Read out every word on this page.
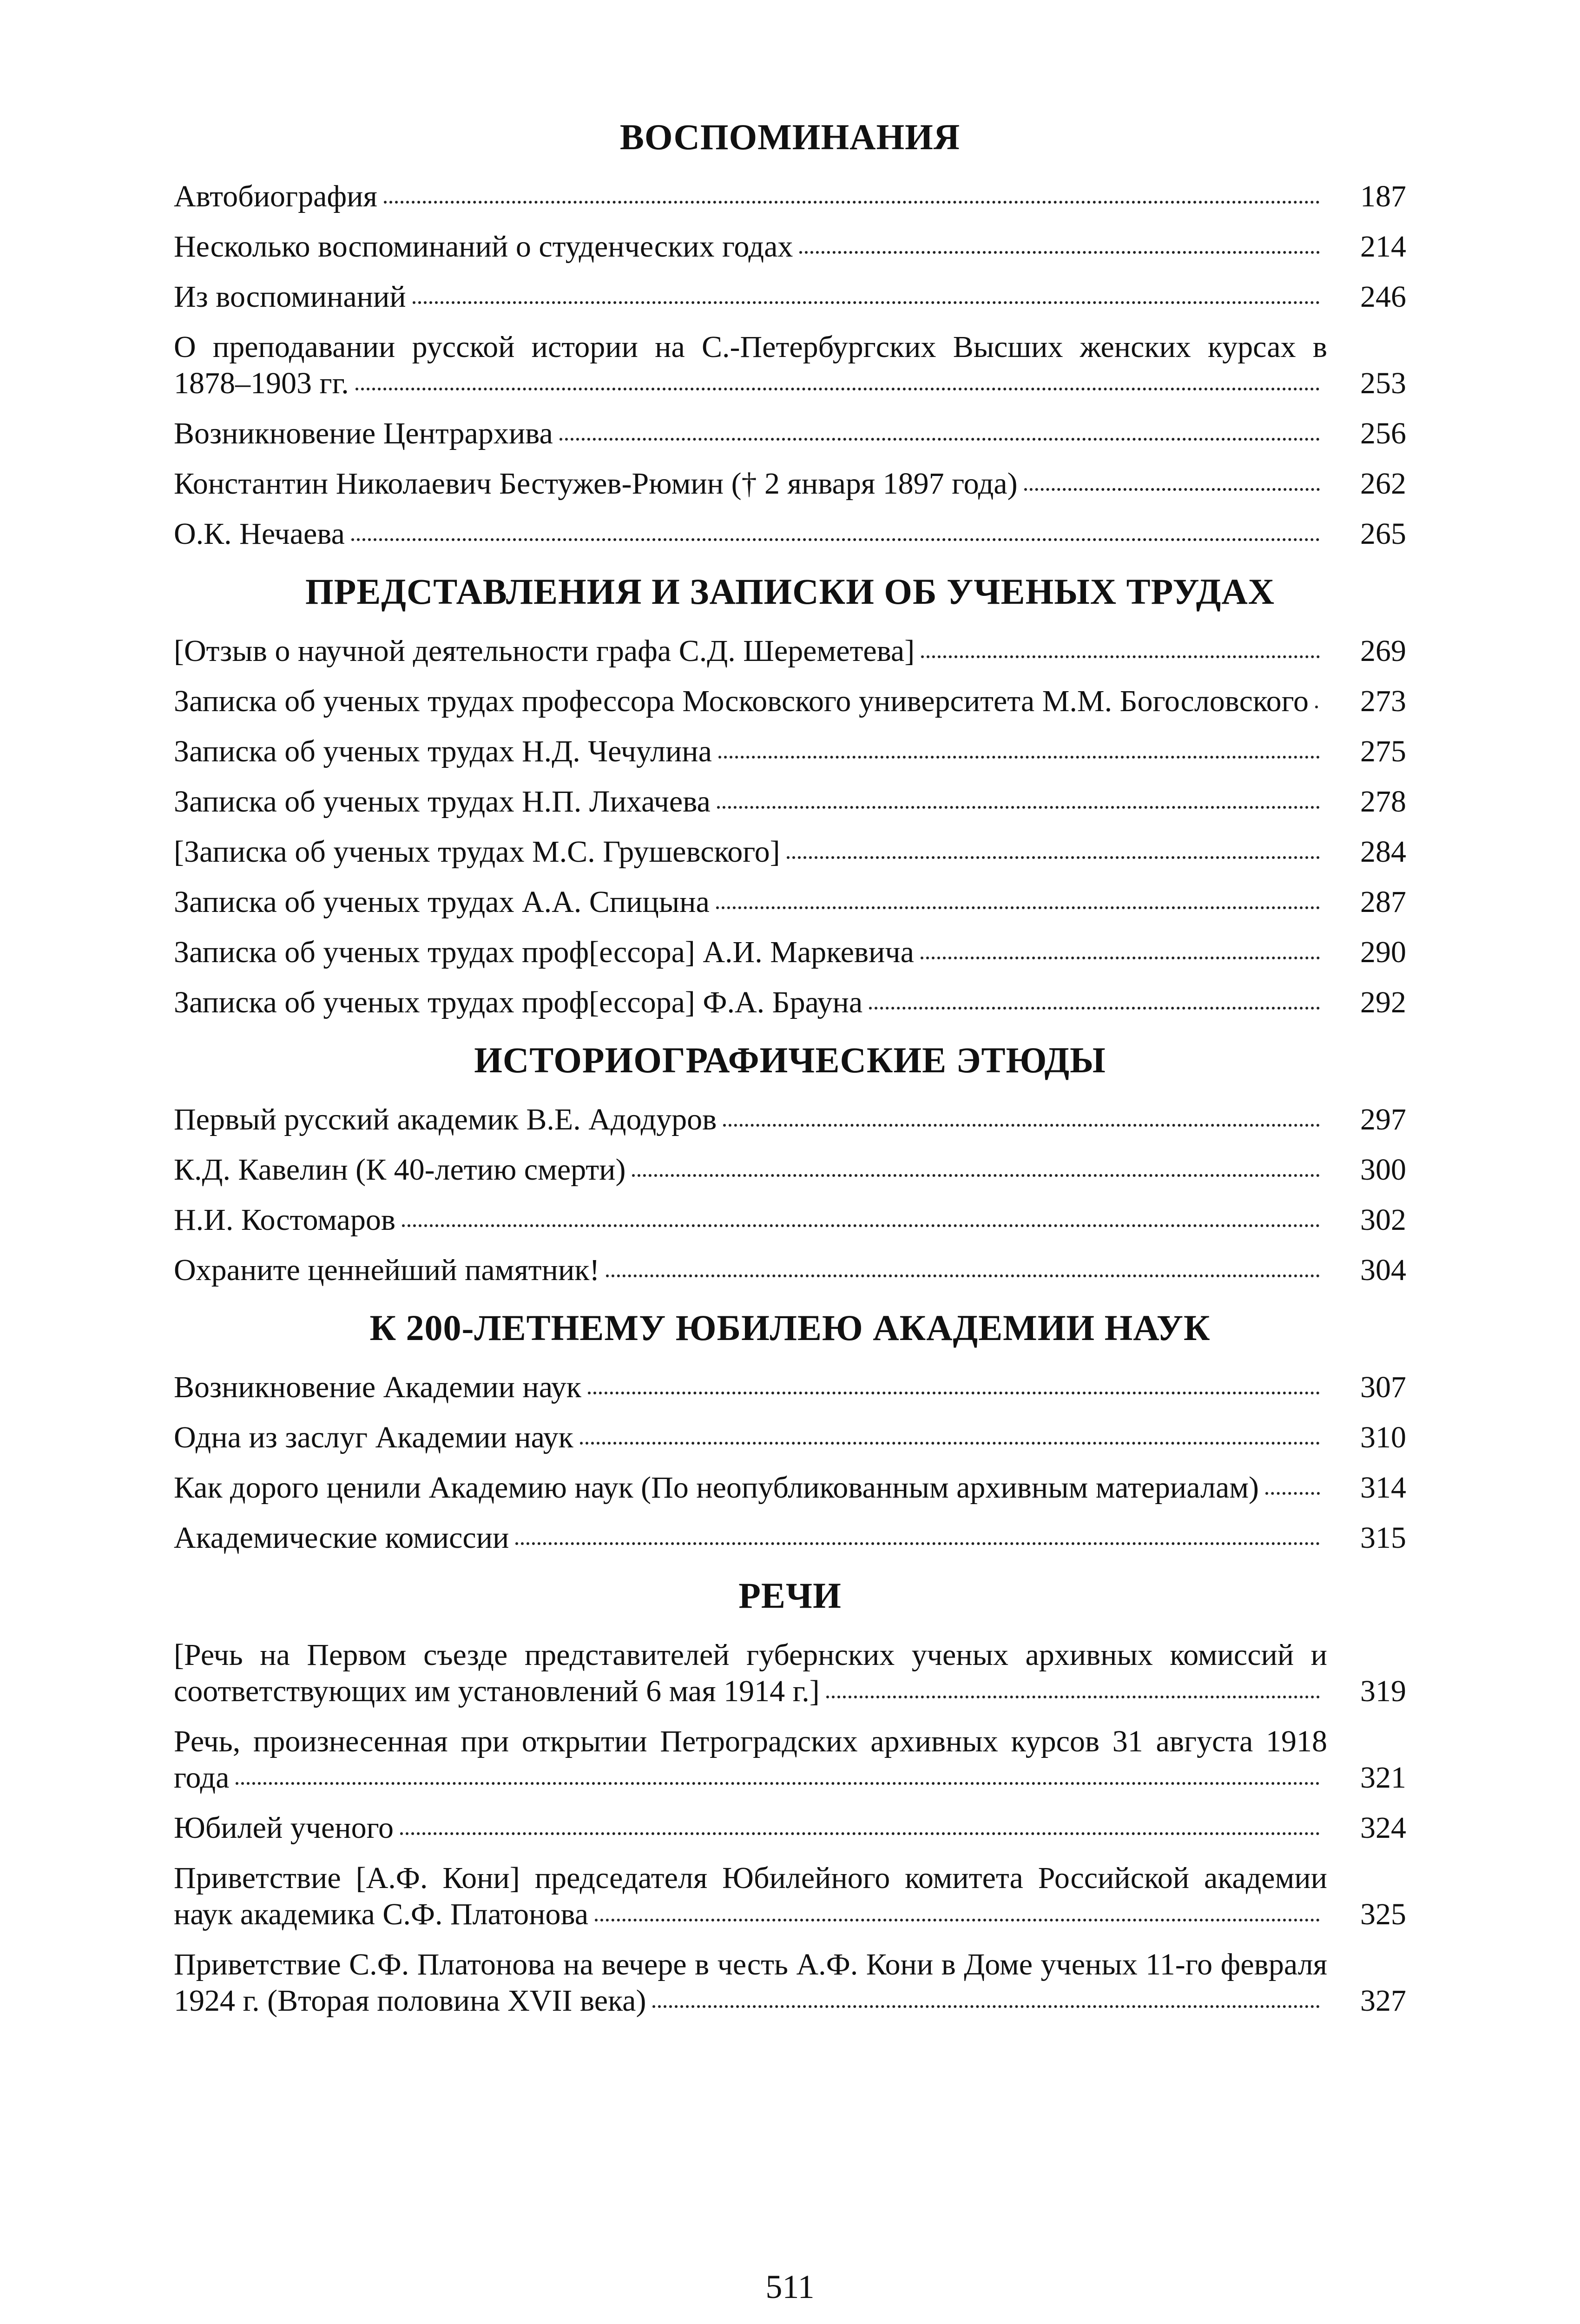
ВОСПОМИНАНИЯ
Автобиография	187
Несколько воспоминаний о студенческих годах	214
Из воспоминаний	246
О преподавании русской истории на С.-Петербургских Высших женских курсах в 1878–1903 гг.	253
Возникновение Центрархива	256
Константин Николаевич Бестужев-Рюмин († 2 января 1897 года)	262
О.К. Нечаева	265
ПРЕДСТАВЛЕНИЯ И ЗАПИСКИ ОБ УЧЕНЫХ ТРУДАХ
[Отзыв о научной деятельности графа С.Д. Шереметева]	269
Записка об ученых трудах профессора Московского университета М.М. Богословского	273
Записка об ученых трудах Н.Д. Чечулина	275
Записка об ученых трудах Н.П. Лихачева	278
[Записка об ученых трудах М.С. Грушевского]	284
Записка об ученых трудах А.А. Спицына	287
Записка об ученых трудах проф[ессора] А.И. Маркевича	290
Записка об ученых трудах проф[ессора] Ф.А. Брауна	292
ИСТОРИОГРАФИЧЕСКИЕ ЭТЮДЫ
Первый русский академик В.Е. Адодуров	297
К.Д. Кавелин (К 40-летию смерти)	300
Н.И. Костомаров	302
Охраните ценнейший памятник!	304
К 200-ЛЕТНЕМУ ЮБИЛЕЮ АКАДЕМИИ НАУК
Возникновение Академии наук	307
Одна из заслуг Академии наук	310
Как дорого ценили Академию наук (По неопубликованным архивным материалам)	314
Академические комиссии	315
РЕЧИ
[Речь на Первом съезде представителей губернских ученых архивных комиссий и соответствующих им установлений 6 мая 1914 г.]	319
Речь, произнесенная при открытии Петроградских архивных курсов 31 августа 1918 года	321
Юбилей ученого	324
Приветствие [А.Ф. Кони] председателя Юбилейного комитета Российской академии наук академика С.Ф. Платонова	325
Приветствие С.Ф. Платонова на вечере в честь А.Ф. Кони в Доме ученых 11-го февраля 1924 г. (Вторая половина XVII века)	327
511
